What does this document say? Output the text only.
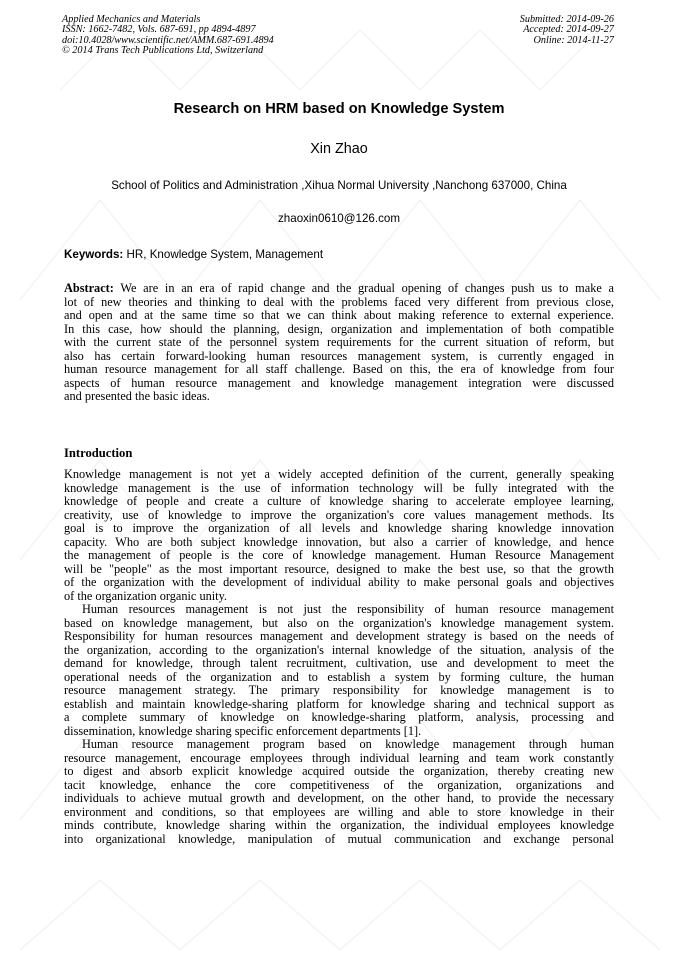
Applied Mechanics and Materials
ISSN: 1662-7482, Vols. 687-691, pp 4894-4897
doi:10.4028/www.scientific.net/AMM.687-691.4894
© 2014 Trans Tech Publications Ltd, Switzerland
Submitted: 2014-09-26
Accepted: 2014-09-27
Online: 2014-11-27
Research on HRM based on Knowledge System
Xin Zhao
School of Politics and Administration ,Xihua Normal University ,Nanchong 637000, China
zhaoxin0610@126.com
Keywords: HR, Knowledge System, Management
Abstract: We are in an era of rapid change and the gradual opening of changes push us to make a
lot of new theories and thinking to deal with the problems faced very different from previous close,
and open and at the same time so that we can think about making reference to external experience.
In this case, how should the planning, design, organization and implementation of both compatible
with the current state of the personnel system requirements for the current situation of reform, but
also has certain forward-looking human resources management system, is currently engaged in
human resource management for all staff challenge. Based on this, the era of knowledge from four
aspects of human resource management and knowledge management integration were discussed
and presented the basic ideas.
Introduction
Knowledge management is not yet a widely accepted definition of the current, generally speaking
knowledge management is the use of information technology will be fully integrated with the
knowledge of people and create a culture of knowledge sharing to accelerate employee learning,
creativity, use of knowledge to improve the organization's core values management methods. Its
goal is to improve the organization of all levels and knowledge sharing knowledge innovation
capacity. Who are both subject knowledge innovation, but also a carrier of knowledge, and hence
the management of people is the core of knowledge management. Human Resource Management
will be "people" as the most important resource, designed to make the best use, so that the growth
of the organization with the development of individual ability to make personal goals and objectives
of the organization organic unity.
Human resources management is not just the responsibility of human resource management
based on knowledge management, but also on the organization's knowledge management system.
Responsibility for human resources management and development strategy is based on the needs of
the organization, according to the organization's internal knowledge of the situation, analysis of the
demand for knowledge, through talent recruitment, cultivation, use and development to meet the
operational needs of the organization and to establish a system by forming culture, the human
resource management strategy. The primary responsibility for knowledge management is to
establish and maintain knowledge-sharing platform for knowledge sharing and technical support as
a complete summary of knowledge on knowledge-sharing platform, analysis, processing and
dissemination, knowledge sharing specific enforcement departments [1].
Human resource management program based on knowledge management through human
resource management, encourage employees through individual learning and team work constantly
to digest and absorb explicit knowledge acquired outside the organization, thereby creating new
tacit knowledge, enhance the core competitiveness of the organization, organizations and
individuals to achieve mutual growth and development, on the other hand, to provide the necessary
environment and conditions, so that employees are willing and able to store knowledge in their
minds contribute, knowledge sharing within the organization, the individual employees knowledge
into organizational knowledge, manipulation of mutual communication and exchange personal
